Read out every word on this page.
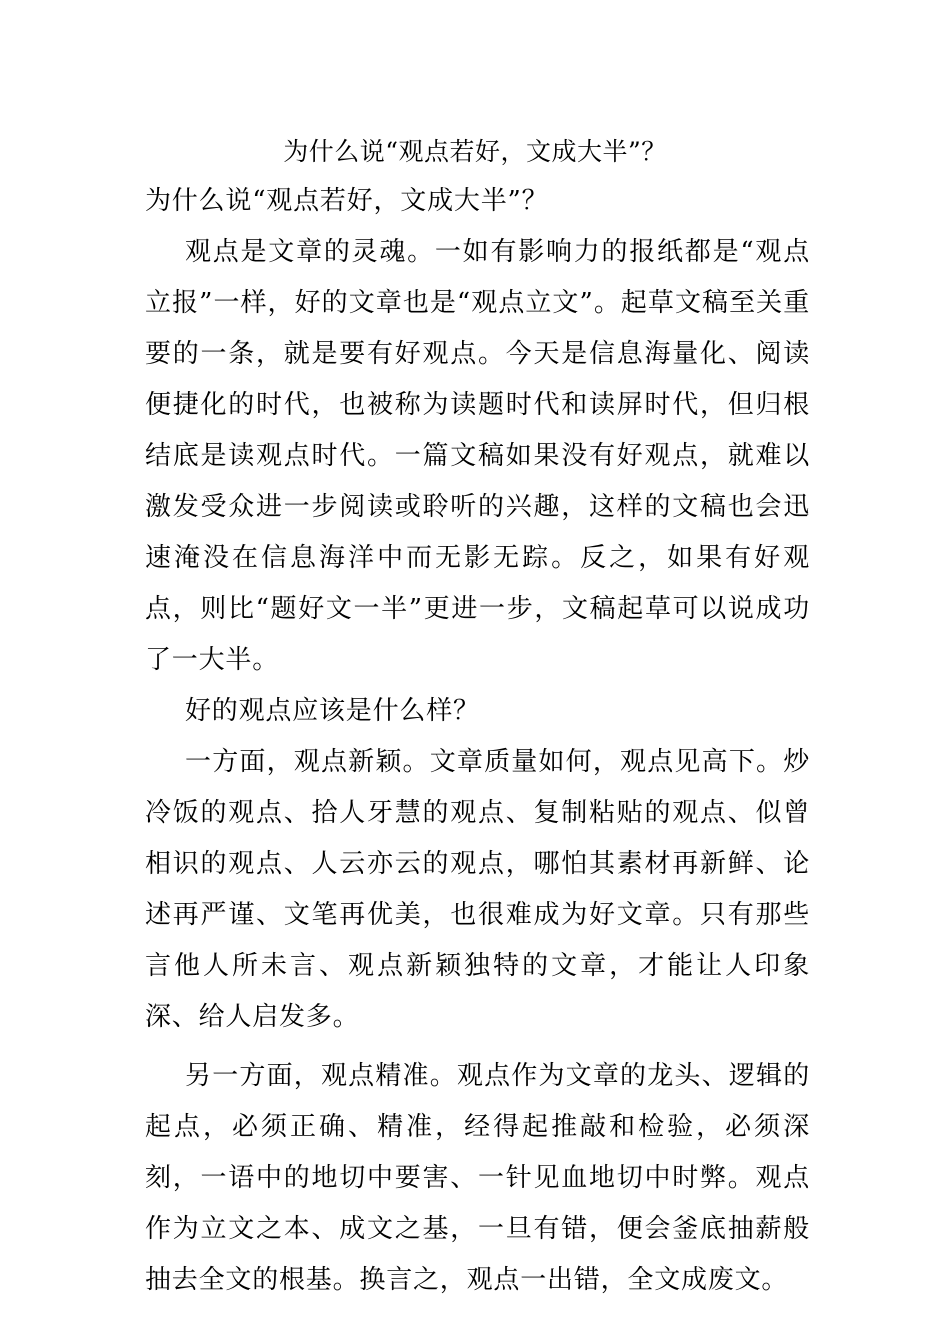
为什么说“观点若好，文成大半”？

为什么说“观点若好，文成大半”？

观点是文章的灵魂。一如有影响力的报纸都是“观点立报”一样，好的文章也是“观点立文”。起草文稿至关重要的一条，就是要有好观点。今天是信息海量化、阅读便捷化的时代，也被称为读题时代和读屏时代，但归根结底是读观点时代。一篇文稿如果没有好观点，就难以激发受众进一步阅读或聆听的兴趣，这样的文稿也会迅速淹没在信息海洋中而无影无踪。反之，如果有好观点，则比“题好文一半”更进一步，文稿起草可以说成功了一大半。

好的观点应该是什么样？

一方面，观点新颖。文章质量如何，观点见高下。炒冷饭的观点、拾人牙慧的观点、复制粘贴的观点、似曾相识的观点、人云亦云的观点，哪怕其素材再新鲜、论述再严谨、文笔再优美，也很难成为好文章。只有那些言他人所未言、观点新颖独特的文章，才能让人印象深、给人启发多。

另一方面，观点精准。观点作为文章的龙头、逻辑的起点，必须正确、精准，经得起推敲和检验，必须深刻，一语中的地切中要害、一针见血地切中时弊。观点作为立文之本、成文之基，一旦有错，便会釜底抽薪般抽去全文的根基。换言之，观点一出错，全文成废文。
